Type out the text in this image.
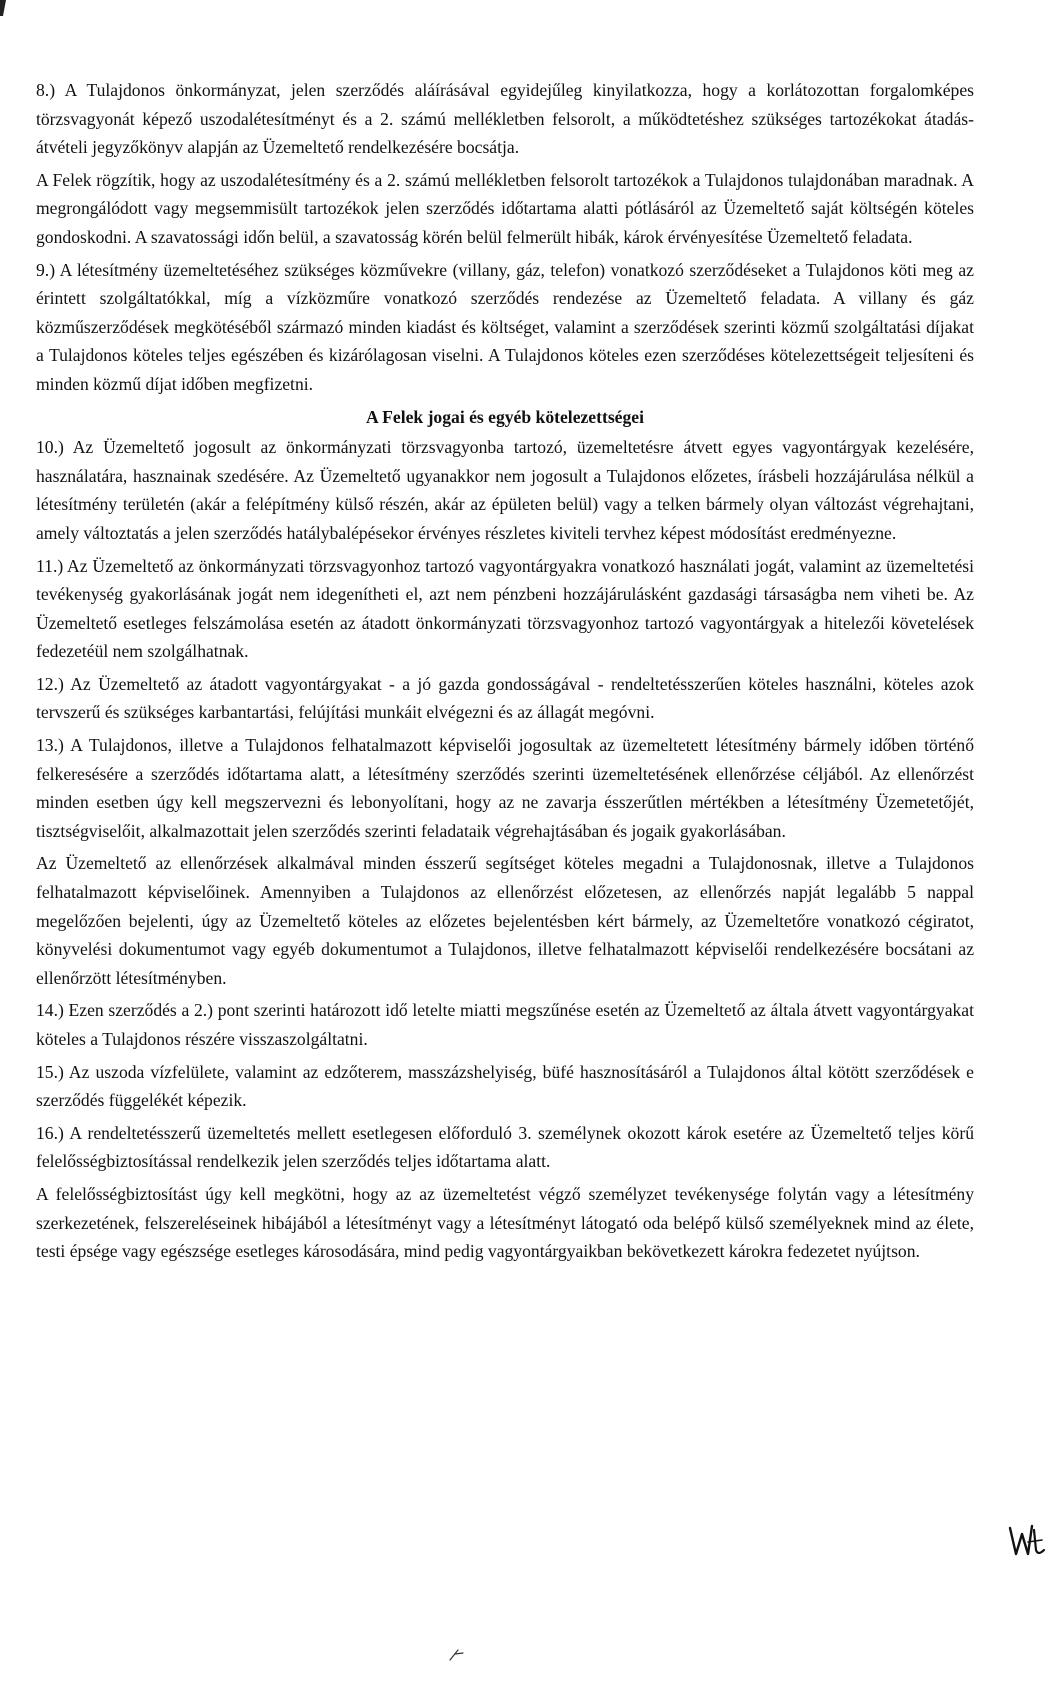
8.) A Tulajdonos önkormányzat, jelen szerződés aláírásával egyidejűleg kinyilatkozza, hogy a korlátozottan forgalomképes törzsvagyonát képező uszodalétesítményt és a 2. számú mellékletben felsorolt, a működtetéshez szükséges tartozékokat átadás-átvételi jegyzőkönyv alapján az Üzemeltető rendelkezésére bocsátja.

A Felek rögzítik, hogy az uszodalétesítmény és a 2. számú mellékletben felsorolt tartozékok a Tulajdonos tulajdonában maradnak. A megrongálódott vagy megsemmisült tartozékok jelen szerződés időtartama alatti pótlásáról az Üzemeltető saját költségén köteles gondoskodni. A szavatossági időn belül, a szavatosság körén belül felmerült hibák, károk érvényesítése Üzemeltető feladata.

9.) A létesítmény üzemeltetéséhez szükséges közművekre (villany, gáz, telefon) vonatkozó szerződéseket a Tulajdonos köti meg az érintett szolgáltatókkal, míg a vízközműre vonatkozó szerződés rendezése az Üzemeltető feladata. A villany és gáz közműszerződések megkötéséből származó minden kiadást és költséget, valamint a szerződések szerinti közmű szolgáltatási díjakat a Tulajdonos köteles teljes egészében és kizárólagosan viselni. A Tulajdonos köteles ezen szerződéses kötelezettségeit teljesíteni és minden közmű díjat időben megfizetni.

A Felek jogai és egyéb kötelezettségei

10.) Az Üzemeltető jogosult az önkormányzati törzsvagyonba tartozó, üzemeltetésre átvett egyes vagyontárgyak kezelésére, használatára, hasznainak szedésére. Az Üzemeltető ugyanakkor nem jogosult a Tulajdonos előzetes, írásbeli hozzájárulása nélkül a létesítmény területén (akár a felépítmény külső részén, akár az épületen belül) vagy a telken bármely olyan változást végrehajtani, amely változtatás a jelen szerződés hatálybalépésekor érvényes részletes kiviteli tervhez képest módosítást eredményezne.

11.) Az Üzemeltető az önkormányzati törzsvagyonhoz tartozó vagyontárgyakra vonatkozó használati jogát, valamint az üzemeltetési tevékenység gyakorlásának jogát nem idegenítheti el, azt nem pénzbeni hozzájárulásként gazdasági társaságba nem viheti be. Az Üzemeltető esetleges felszámolása esetén az átadott önkormányzati törzsvagyonhoz tartozó vagyontárgyak a hitelezői követelések fedezetéül nem szolgálhatnak.

12.) Az Üzemeltető az átadott vagyontárgyakat - a jó gazda gondosságával - rendeltetésszerűen köteles használni, köteles azok tervszerű és szükséges karbantartási, felújítási munkáit elvégezni és az állagát megóvni.

13.) A Tulajdonos, illetve a Tulajdonos felhatalmazott képviselői jogosultak az üzemeltetett létesítmény bármely időben történő felkeresésére a szerződés időtartama alatt, a létesítmény szerződés szerinti üzemeltetésének ellenőrzése céljából. Az ellenőrzést minden esetben úgy kell megszervezni és lebonyolítani, hogy az ne zavarja ésszerűtlen mértékben a létesítmény Üzemetetőjét, tisztségviselőit, alkalmazottait jelen szerződés szerinti feladataik végrehajtásában és jogaik gyakorlásában.

Az Üzemeltető az ellenőrzések alkalmával minden ésszerű segítséget köteles megadni a Tulajdonosnak, illetve a Tulajdonos felhatalmazott képviselőinek. Amennyiben a Tulajdonos az ellenőrzést előzetesen, az ellenőrzés napját legalább 5 nappal megelőzően bejelenti, úgy az Üzemeltető köteles az előzetes bejelentésben kért bármely, az Üzemeltetőre vonatkozó cégiratot, könyvelési dokumentumot vagy egyéb dokumentumot a Tulajdonos, illetve felhatalmazott képviselői rendelkezésére bocsátani az ellenőrzött létesítményben.

14.) Ezen szerződés a 2.) pont szerinti határozott idő letelte miatti megszűnése esetén az Üzemeltető az általa átvett vagyontárgyakat köteles a Tulajdonos részére visszaszolgáltatni.

15.) Az uszoda vízfelülete, valamint az edzőterem, masszázshelyiség, büfé hasznosításáról a Tulajdonos által kötött szerződések e szerződés függelékét képezik.

16.) A rendeltetésszerű üzemeltetés mellett esetlegesen előforduló 3. személynek okozott károk esetére az Üzemeltető teljes körű felelősségbiztosítással rendelkezik jelen szerződés teljes időtartama alatt.

A felelősségbiztosítást úgy kell megkötni, hogy az az üzemeltetést végző személyzet tevékenysége folytán vagy a létesítmény szerkezetének, felszereléseinek hibájából a létesítményt vagy a létesítményt látogató oda belépő külső személyeknek mind az élete, testi épsége vagy egészsége esetleges károsodására, mind pedig vagyontárgyaikban bekövetkezett károkra fedezetet nyújtson.
